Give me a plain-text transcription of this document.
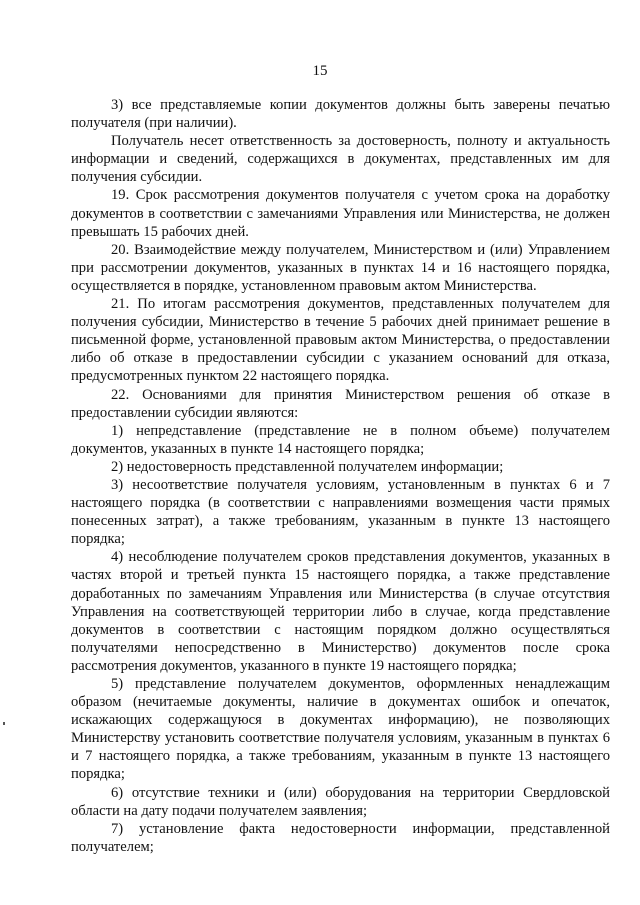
15

3) все представляемые копии документов должны быть заверены печатью получателя (при наличии).

Получатель несет ответственность за достоверность, полноту и актуальность информации и сведений, содержащихся в документах, представленных им для получения субсидии.

19. Срок рассмотрения документов получателя с учетом срока на доработку документов в соответствии с замечаниями Управления или Министерства, не должен превышать 15 рабочих дней.

20. Взаимодействие между получателем, Министерством и (или) Управлением при рассмотрении документов, указанных в пунктах 14 и 16 настоящего порядка, осуществляется в порядке, установленном правовым актом Министерства.

21. По итогам рассмотрения документов, представленных получателем для получения субсидии, Министерство в течение 5 рабочих дней принимает решение в письменной форме, установленной правовым актом Министерства, о предоставлении либо об отказе в предоставлении субсидии с указанием оснований для отказа, предусмотренных пунктом 22 настоящего порядка.

22. Основаниями для принятия Министерством решения об отказе в предоставлении субсидии являются:

1) непредставление (представление не в полном объеме) получателем документов, указанных в пункте 14 настоящего порядка;

2) недостоверность представленной получателем информации;

3) несоответствие получателя условиям, установленным в пунктах 6 и 7 настоящего порядка (в соответствии с направлениями возмещения части прямых понесенных затрат), а также требованиям, указанным в пункте 13 настоящего порядка;

4) несоблюдение получателем сроков представления документов, указанных в частях второй и третьей пункта 15 настоящего порядка, а также представление доработанных по замечаниям Управления или Министерства (в случае отсутствия Управления на соответствующей территории либо в случае, когда представление документов в соответствии с настоящим порядком должно осуществляться получателями непосредственно в Министерство) документов после срока рассмотрения документов, указанного в пункте 19 настоящего порядка;

5) представление получателем документов, оформленных ненадлежащим образом (нечитаемые документы, наличие в документах ошибок и опечаток, искажающих содержащуюся в документах информацию), не позволяющих Министерству установить соответствие получателя условиям, указанным в пунктах 6 и 7 настоящего порядка, а также требованиям, указанным в пункте 13 настоящего порядка;

6) отсутствие техники и (или) оборудования на территории Свердловской области на дату подачи получателем заявления;

7) установление факта недостоверности информации, представленной получателем;
